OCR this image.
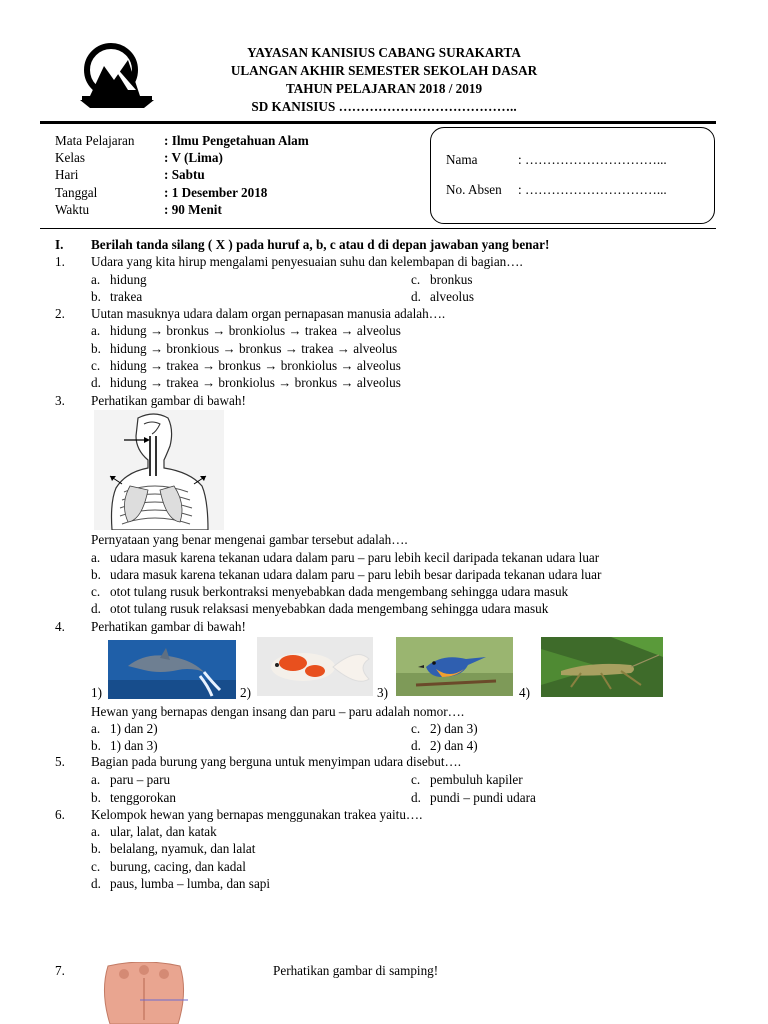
YAYASAN KANISIUS CABANG SURAKARTA
ULANGAN AKHIR SEMESTER SEKOLAH DASAR
TAHUN PELAJARAN 2018 / 2019
SD KANISIUS …………………………………..
Mata Pelajaran : Ilmu Pengetahuan Alam
Kelas	: V (Lima)
Hari	: Sabtu
Tanggal	: 1 Desember 2018
Waktu	: 90 Menit
Nama	: …………………………...
No. Absen : …………………………...
I. Berilah tanda silang ( X ) pada huruf a, b, c atau d di depan jawaban yang benar!
1. Udara yang kita hirup mengalami penyesuaian suhu dan kelembapan di bagian….
a. hidung	c. bronkus
b. trakea	d. alveolus
2. Uutan masuknya udara dalam organ pernapasan manusia adalah….
a. hidung → bronkus → bronkiolus → trakea → alveolus
b. hidung → bronkious → bronkus → trakea → alveolus
c. hidung → trakea → bronkus → bronkiolus → alveolus
d. hidung → trakea → bronkiolus → bronkus → alveolus
3. Perhatikan gambar di bawah!
Pernyataan yang benar mengenai gambar tersebut adalah….
a. udara masuk karena tekanan udara dalam paru – paru lebih kecil daripada tekanan udara luar
b. udara masuk karena tekanan udara dalam paru – paru lebih besar daripada tekanan udara luar
c. otot tulang rusuk berkontraksi menyebabkan dada mengembang sehingga udara masuk
d. otot tulang rusuk relaksasi menyebabkan dada mengembang sehingga udara masuk
4. Perhatikan gambar di bawah!
1)	2)	3)	4)
Hewan yang bernapas dengan insang dan paru – paru adalah nomor….
a. 1) dan 2)	c. 2) dan 3)
b. 1) dan 3)	d. 2) dan 4)
5. Bagian pada burung yang berguna untuk menyimpan udara disebut….
a. paru – paru	c. pembuluh kapiler
b. tenggorokan	d. pundi – pundi udara
6. Kelompok hewan yang bernapas menggunakan trakea yaitu….
a. ular, lalat, dan katak
b. belalang, nyamuk, dan lalat
c. burung, cacing, dan kadal
d. paus, lumba – lumba, dan sapi
7.	Perhatikan gambar di samping!
